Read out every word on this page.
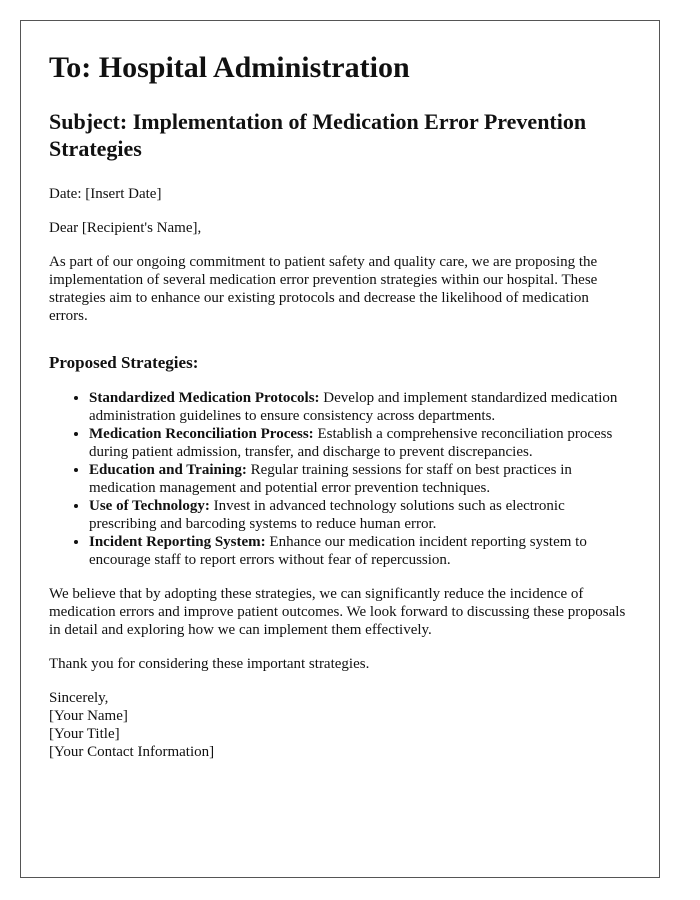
To: Hospital Administration
Subject: Implementation of Medication Error Prevention Strategies

Date: [Insert Date]

Dear [Recipient's Name],

As part of our ongoing commitment to patient safety and quality care, we are proposing the implementation of several medication error prevention strategies within our hospital. These strategies aim to enhance our existing protocols and decrease the likelihood of medication errors.

Proposed Strategies:
• Standardized Medication Protocols: Develop and implement standardized medication administration guidelines to ensure consistency across departments.
• Medication Reconciliation Process: Establish a comprehensive reconciliation process during patient admission, transfer, and discharge to prevent discrepancies.
• Education and Training: Regular training sessions for staff on best practices in medication management and potential error prevention techniques.
• Use of Technology: Invest in advanced technology solutions such as electronic prescribing and barcoding systems to reduce human error.
• Incident Reporting System: Enhance our medication incident reporting system to encourage staff to report errors without fear of repercussion.

We believe that by adopting these strategies, we can significantly reduce the incidence of medication errors and improve patient outcomes. We look forward to discussing these proposals in detail and exploring how we can implement them effectively.

Thank you for considering these important strategies.

Sincerely,
[Your Name]
[Your Title]
[Your Contact Information]
